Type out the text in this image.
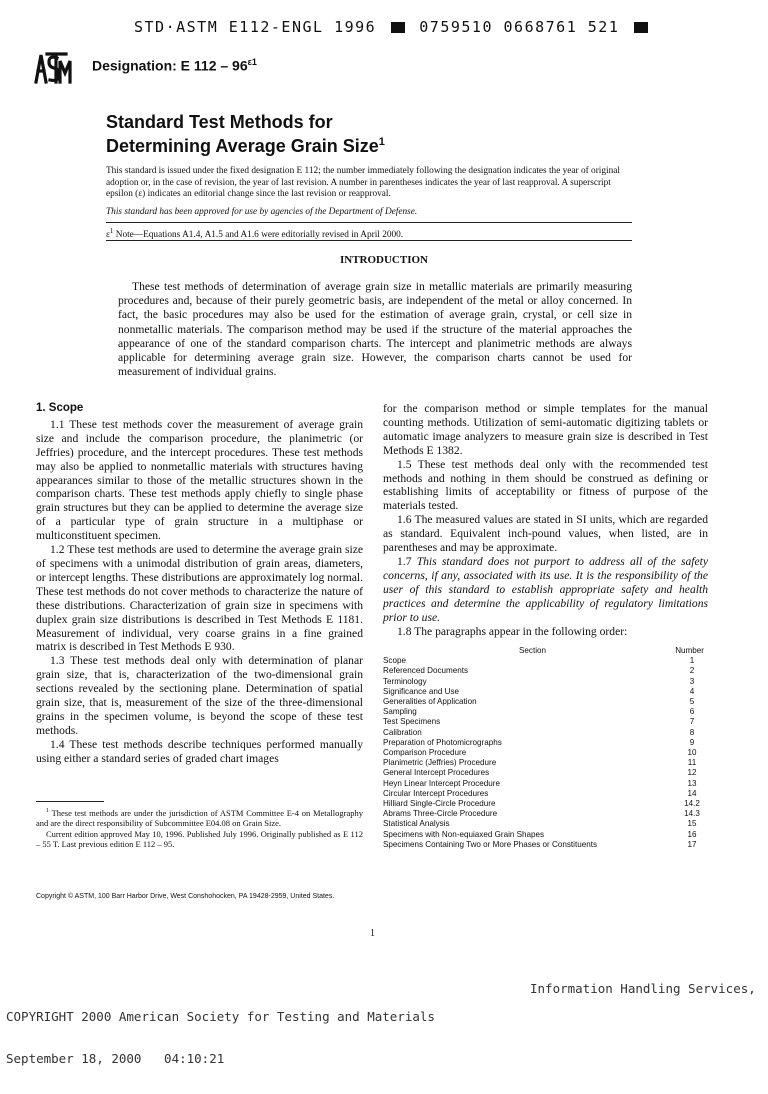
STD·ASTM E112-ENGL 1996	0759510 0668761 521
Designation: E $112 - 96^{\varepsilon 1}$
Standard Test Methods for
Determining Average Grain Size$^1$
This standard is issued under the fixed designation E 112; the number immediately following the designation indicates the year of original adoption or, in the case of revision, the year of last revision. A number in parentheses indicates the year of last reapproval. A superscript epsilon (ε) indicates an editorial change since the last revision or reapproval.
This standard has been approved for use by agencies of the Department of Defense.
$\varepsilon^1$ Note—Equations A1.4, A1.5 and A1.6 were editorially revised in April 2000.
INTRODUCTION
These test methods of determination of average grain size in metallic materials are primarily measuring procedures and, because of their purely geometric basis, are independent of the metal or alloy concerned. In fact, the basic procedures may also be used for the estimation of average grain, crystal, or cell size in nonmetallic materials. The comparison method may be used if the structure of the material approaches the appearance of one of the standard comparison charts. The intercept and planimetric methods are always applicable for determining average grain size. However, the comparison charts cannot be used for measurement of individual grains.
1. Scope

1.1 These test methods cover the measurement of average grain size and include the comparison procedure, the planimetric (or Jeffries) procedure, and the intercept procedures. These test methods may also be applied to nonmetallic materials with structures having appearances similar to those of the metallic structures shown in the comparison charts. These test methods apply chiefly to single phase grain structures but they can be applied to determine the average size of a particular type of grain structure in a multiphase or multiconstituent specimen.

1.2 These test methods are used to determine the average grain size of specimens with a unimodal distribution of grain areas, diameters, or intercept lengths. These distributions are approximately log normal. These test methods do not cover methods to characterize the nature of these distributions. Characterization of grain size in specimens with duplex grain size distributions is described in Test Methods E 1181. Measurement of individual, very coarse grains in a fine grained matrix is described in Test Methods E 930.

1.3 These test methods deal only with determination of planar grain size, that is, characterization of the two-dimensional grain sections revealed by the sectioning plane. Determination of spatial grain size, that is, measurement of the size of the three-dimensional grains in the specimen volume, is beyond the scope of these test methods.

1.4 These test methods describe techniques performed manually using either a standard series of graded chart images

$^1$ These test methods are under the jurisdiction of ASTM Committee E-4 on Metallography and are the direct responsibility of Subcommittee E04.08 on Grain Size.

Current edition approved May 10, 1996. Published July 1996. Originally published as E 112 – 55 T. Last previous edition E 112 – 95.

for the comparison method or simple templates for the manual counting methods. Utilization of semi-automatic digitizing tablets or automatic image analyzers to measure grain size is described in Test Methods E 1382.

1.5 These test methods deal only with the recommended test methods and nothing in them should be construed as defining or establishing limits of acceptability or fitness of purpose of the materials tested.

1.6 The measured values are stated in SI units, which are regarded as standard. Equivalent inch-pound values, when listed, are in parentheses and may be approximate.

1.7 This standard does not purport to address all of the safety concerns, if any, associated with its use. It is the responsibility of the user of this standard to establish appropriate safety and health practices and determine the applicability of regulatory limitations prior to use.

1.8 The paragraphs appear in the following order:

Section	Number
Scope	1
Referenced Documents	2
Terminology	3
Significance and Use	4
Generalities of Application	5
Sampling	6
Test Specimens	7
Calibration	8
Preparation of Photomicrographs	9
Comparison Procedure	10
Planimetric (Jeffries) Procedure	11
General Intercept Procedures	12
Heyn Linear Intercept Procedure	13
Circular Intercept Procedures	14
Hilliard Single-Circle Procedure	14.2
Abrams Three-Circle Procedure	14.3
Statistical Analysis	15
Specimens with Non-equiaxed Grain Shapes	16
Specimens Containing Two or More Phases or Constituents	17
Copyright © ASTM, 100 Barr Harbor Drive, West Conshohocken, PA 19428-2959, United States.
1

COPYRIGHT 2000 American Society for Testing and Materials

September 18, 2000   04:10:21

Information Handling Services,
